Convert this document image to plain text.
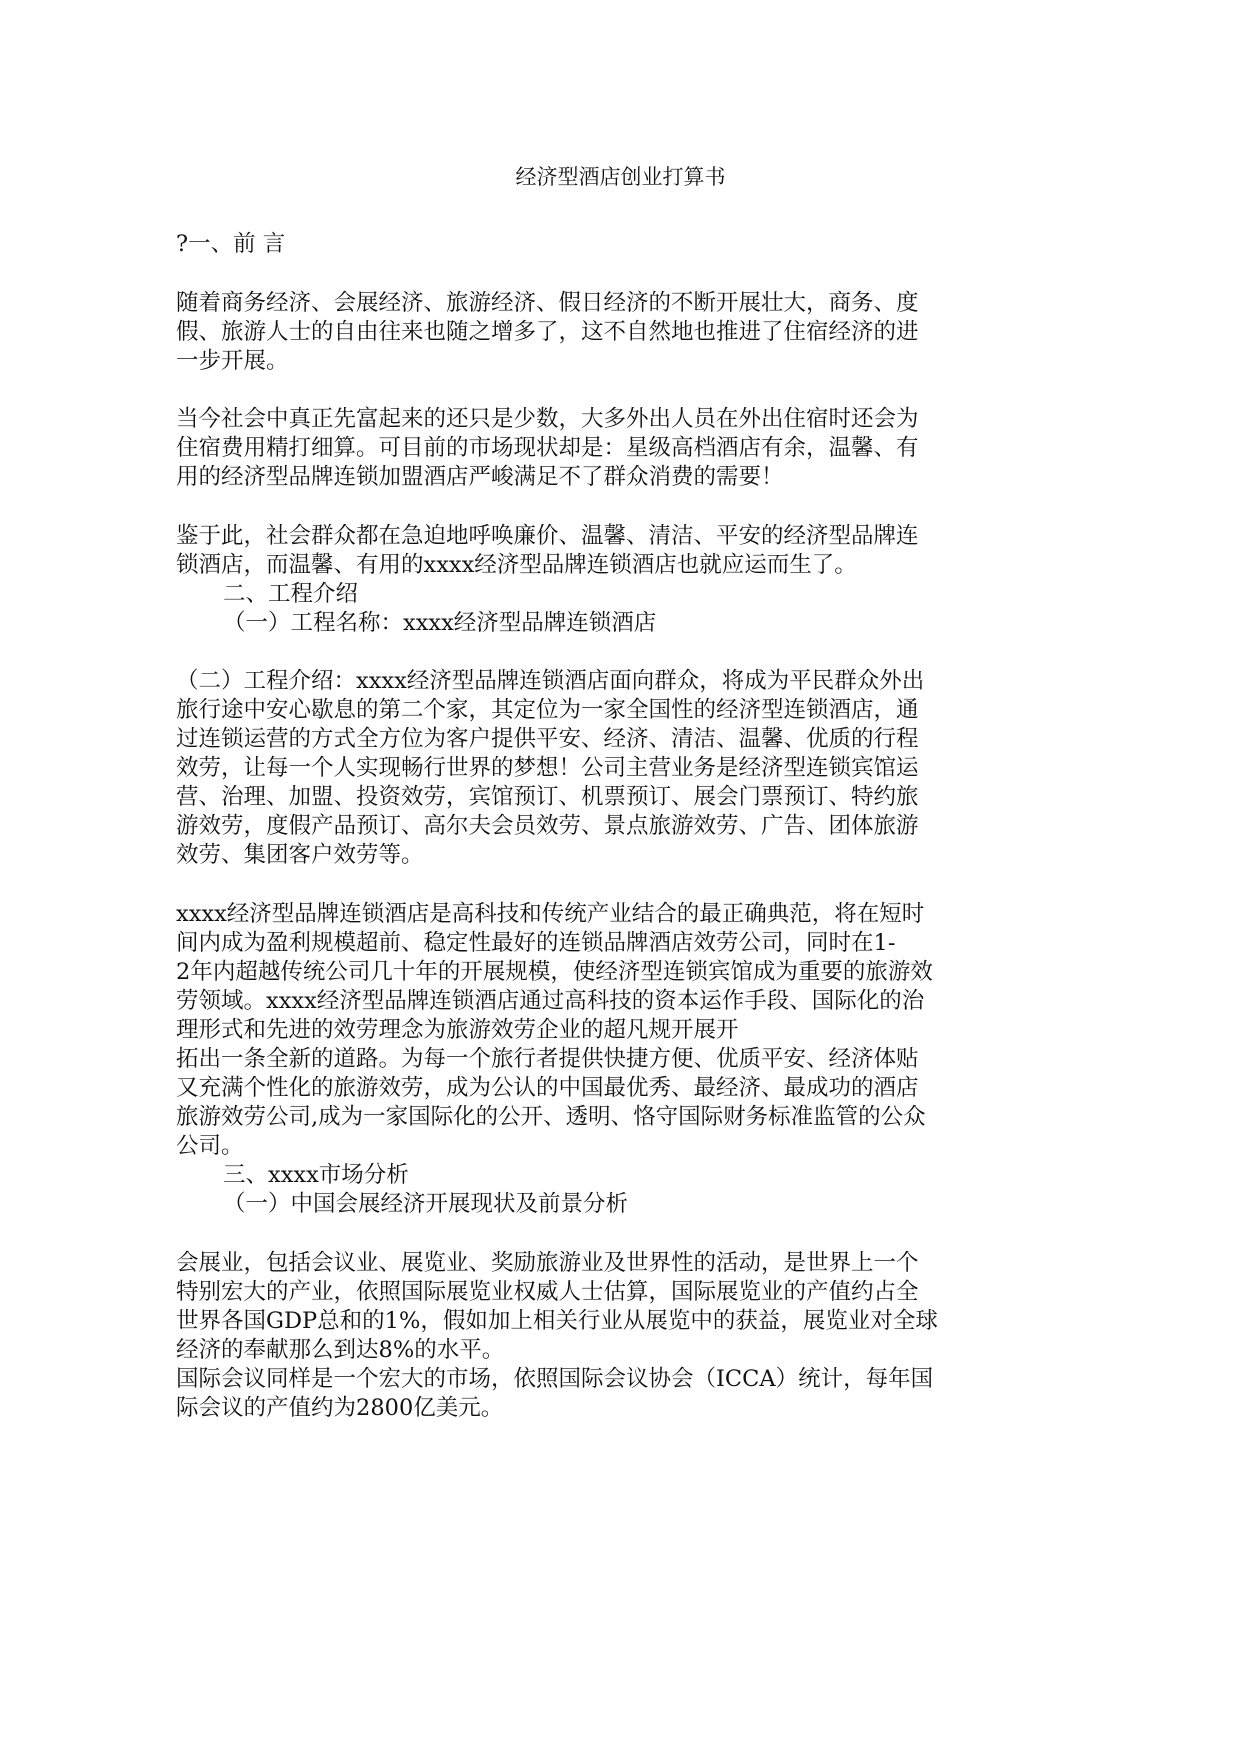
经济型酒店创业打算书

?一、前 言

随着商务经济、会展经济、旅游经济、假日经济的不断开展壮大，商务、度

假、旅游人士的自由往来也随之增多了，这不自然地也推进了住宿经济的进

一步开展。

当今社会中真正先富起来的还只是少数，大多外出人员在外出住宿时还会为

住宿费用精打细算。可目前的市场现状却是：星级高档酒店有余，温馨、有

用的经济型品牌连锁加盟酒店严峻满足不了群众消费的需要！

鉴于此，社会群众都在急迫地呼唤廉价、温馨、清洁、平安的经济型品牌连

锁酒店，而温馨、有用的xxxx经济型品牌连锁酒店也就应运而生了。

二、工程介绍

（一）工程名称：xxxx经济型品牌连锁酒店

（二）工程介绍：xxxx经济型品牌连锁酒店面向群众，将成为平民群众外出

旅行途中安心歇息的第二个家，其定位为一家全国性的经济型连锁酒店，通

过连锁运营的方式全方位为客户提供平安、经济、清洁、温馨、优质的行程

效劳，让每一个人实现畅行世界的梦想！公司主营业务是经济型连锁宾馆运

营、治理、加盟、投资效劳，宾馆预订、机票预订、展会门票预订、特约旅

游效劳，度假产品预订、高尔夫会员效劳、景点旅游效劳、广告、团体旅游

效劳、集团客户效劳等。

xxxx经济型品牌连锁酒店是高科技和传统产业结合的最正确典范，将在短时

间内成为盈利规模超前、稳定性最好的连锁品牌酒店效劳公司，同时在1-

2年内超越传统公司几十年的开展规模，使经济型连锁宾馆成为重要的旅游效

劳领域。xxxx经济型品牌连锁酒店通过高科技的资本运作手段、国际化的治

理形式和先进的效劳理念为旅游效劳企业的超凡规开展开

拓出一条全新的道路。为每一个旅行者提供快捷方便、优质平安、经济体贴

又充满个性化的旅游效劳，成为公认的中国最优秀、最经济、最成功的酒店

旅游效劳公司,成为一家国际化的公开、透明、恪守国际财务标准监管的公众

公司。

三、xxxx市场分析

（一）中国会展经济开展现状及前景分析

会展业，包括会议业、展览业、奖励旅游业及世界性的活动，是世界上一个

特别宏大的产业，依照国际展览业权威人士估算，国际展览业的产值约占全

世界各国GDP总和的1%，假如加上相关行业从展览中的获益，展览业对全球

经济的奉献那么到达8%的水平。

国际会议同样是一个宏大的市场，依照国际会议协会（ICCA）统计，每年国

际会议的产值约为2800亿美元。
